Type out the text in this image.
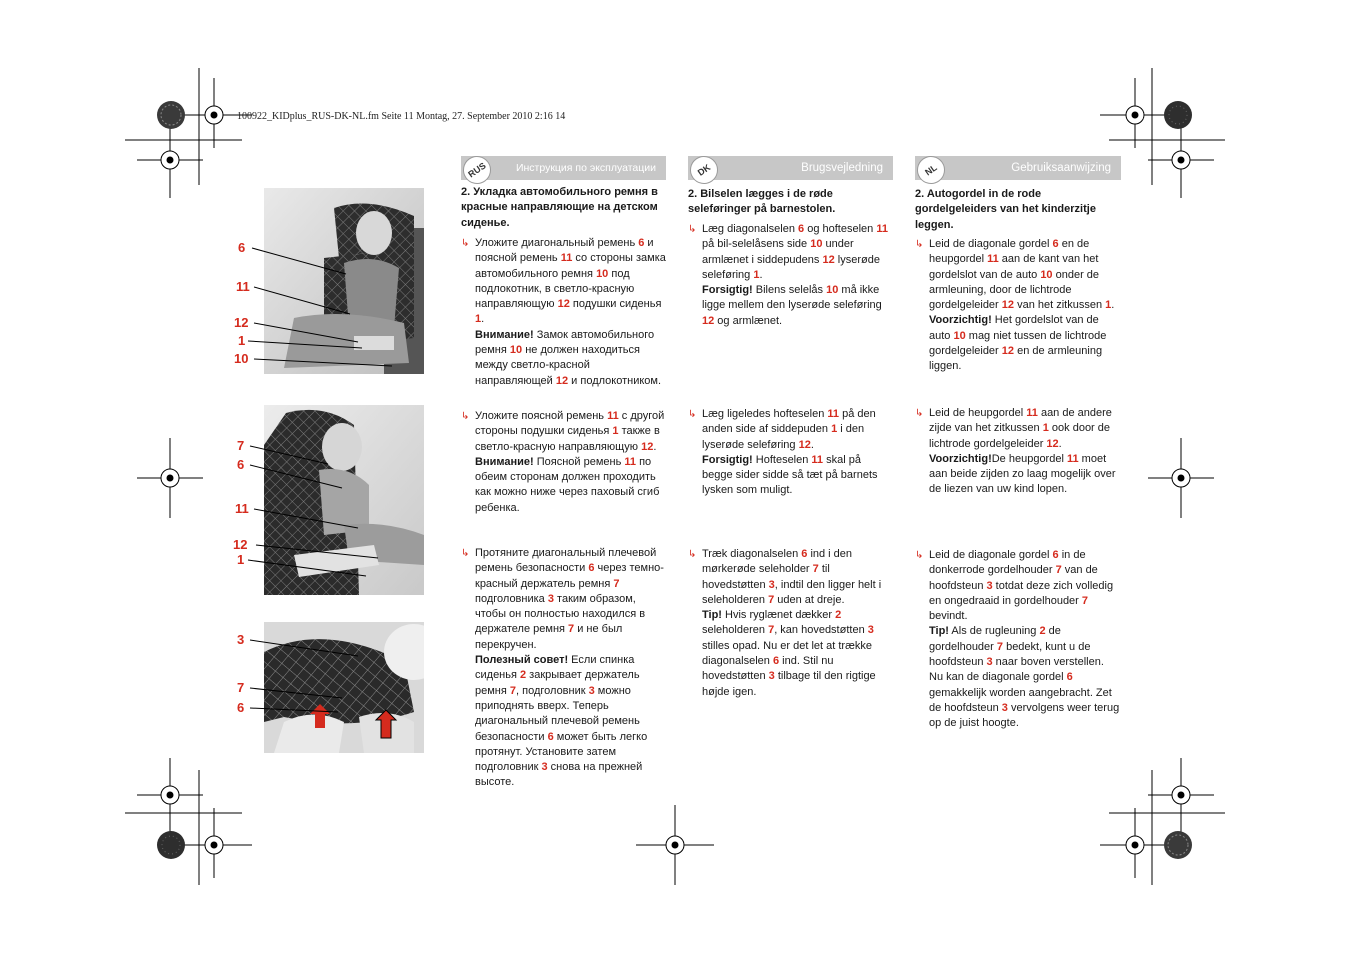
100922_KIDplus_RUS-DK-NL.fm Seite 11 Montag, 27. September 2010 2:16 14
6
11
12
1
10
7
6
11
12
1
3
7
6
RUS	Инструкция по эксплуатации	DK	Brugsvejledning	NL	Gebruiksaanwijzing

2. Укладка автомобильного ремня в красные направляющие на детском сиденье.

↳ Уложите диагональный ремень 6 и поясной ремень 11 со стороны замка автомобильного ремня 10 под подлокотник, в светло-красную направляющую 12 подушки сиденья 1.
Внимание! Замок автомобильного ремня 10 не должен находиться между светло-красной направляющей 12 и подлокотником.

↳ Уложите поясной ремень 11 с другой стороны подушки сиденья 1 также в светло-красную направляющую 12.
Внимание! Поясной ремень 11 по обеим сторонам должен проходить как можно ниже через паховый сгиб ребенка.

↳ Протяните диагональный плечевой ремень безопасности 6 через темно-красный держатель ремня 7 подголовника 3 таким образом, чтобы он полностью находился в держателе ремня 7 и не был перекручен.
Полезный совет! Если спинка сиденья 2 закрывает держатель ремня 7, подголовник 3 можно приподнять вверх. Теперь диагональный плечевой ремень безопасности 6 может быть легко протянут. Установите затем подголовник 3 снова на прежней высоте.

2. Bilselen lægges i de røde seleføringer på barnestolen.

↳ Læg diagonalselen 6 og hofteselen 11 på bil-selelåsens side 10 under armlænet i siddepudens 12 lyserøde seleføring 1.
Forsigtig! Bilens selelås 10 må ikke ligge mellem den lyserøde seleføring 12 og armlænet.

↳ Læg ligeledes hofteselen 11 på den anden side af siddepuden 1 i den lyserøde seleføring 12.
Forsigtig! Hofteselen 11 skal på begge sider sidde så tæt på barnets lysken som muligt.

↳ Træk diagonalselen 6 ind i den mørkerøde seleholder 7 til hovedstøtten 3, indtil den ligger helt i seleholderen 7 uden at dreje.
Tip! Hvis ryglænet dækker 2 seleholderen 7, kan hovedstøtten 3 stilles opad. Nu er det let at trække diagonalselen 6 ind. Stil nu hovedstøtten 3 tilbage til den rigtige højde igen.

2. Autogordel in de rode gordelgeleiders van het kinderzitje leggen.

↳ Leid de diagonale gordel 6 en de heupgordel 11 aan de kant van het gordelslot van de auto 10 onder de armleuning, door de lichtrode gordelgeleider 12 van het zitkussen 1.
Voorzichtig! Het gordelslot van de auto 10 mag niet tussen de lichtrode gordelgeleider 12 en de armleuning liggen.

↳ Leid de heupgordel 11 aan de andere zijde van het zitkussen 1 ook door de lichtrode gordelgeleider 12.
Voorzichtig!De heupgordel 11 moet aan beide zijden zo laag mogelijk over de liezen van uw kind lopen.

↳ Leid de diagonale gordel 6 in de donkerrode gordelhouder 7 van de hoofdsteun 3 totdat deze zich volledig en ongedraaid in gordelhouder 7 bevindt.
Tip! Als de rugleuning 2 de gordelhouder 7 bedekt, kunt u de hoofdsteun 3 naar boven verstellen. Nu kan de diagonale gordel 6 gemakkelijk worden aangebracht. Zet de hoofdsteun 3 vervolgens weer terug op de juist hoogte.
